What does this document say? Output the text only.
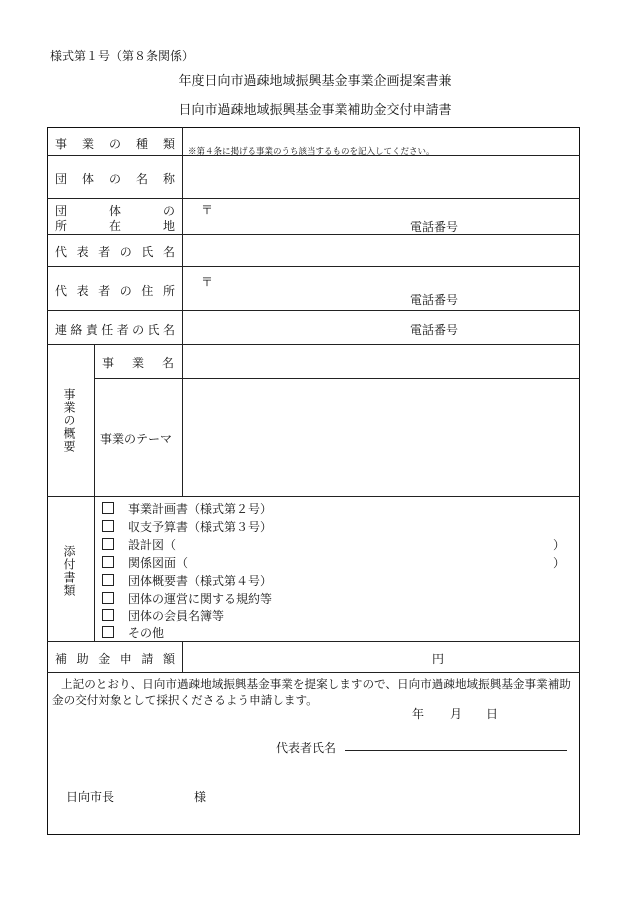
様式第１号（第８条関係）
年度日向市過疎地域振興基金事業企画提案書兼
日向市過疎地域振興基金事業補助金交付申請書
事 業 の 種 類
※第４条に掲げる事業のうち該当するものを記入してください。
団 体 の 名 称
団	体	の
所	在	地
〒
電話番号
代 表 者 の 氏 名
代 表 者 の 住 所
〒
電話番号
連 絡 責 任 者 の 氏 名	電話番号
事業の概要
事 業 名
事業のテーマ
添付書類
事業計画書（様式第２号）
収支予算書（様式第３号）
設計図（	）
関係図面（	）
団体概要書（様式第４号）
団体の運営に関する規約等
団体の会員名簿等
その他
補 助 金 申 請 額	円
上記のとおり、日向市過疎地域振興基金事業を提案しますので、日向市過疎地域振興基金事業補助
金の交付対象として採択くださるよう申請します。
年 月 日
代表者氏名
日向市長	様
